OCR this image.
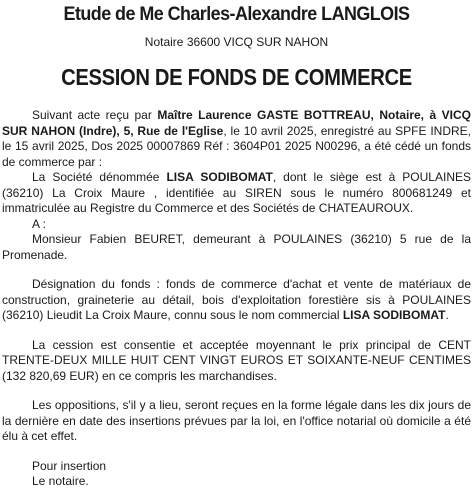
Etude de Me Charles-Alexandre LANGLOIS
Notaire 36600 VICQ SUR NAHON
CESSION DE FONDS DE COMMERCE

Suivant acte reçu par Maître Laurence GASTE BOTTREAU, Notaire, à VICQ SUR NAHON (Indre), 5, Rue de l'Eglise, le 10 avril 2025, enregistré au SPFE INDRE, le 15 avril 2025, Dos 2025 00007869 Réf : 3604P01 2025 N00296, a été cédé un fonds de commerce par :

La Société dénommée LISA SODIBOMAT, dont le siège est à POULAINES (36210) La Croix Maure , identifiée au SIREN sous le numéro 800681249 et immatriculée au Registre du Commerce et des Sociétés de CHATEAUROUX.

A :

Monsieur Fabien BEURET, demeurant à POULAINES (36210) 5 rue de la Promenade.

Désignation du fonds : fonds de commerce d'achat et vente de matériaux de construction, graineterie au détail, bois d'exploitation forestière sis à POULAINES (36210) Lieudit La Croix Maure, connu sous le nom commercial LISA SODIBOMAT.

La cession est consentie et acceptée moyennant le prix principal de CENT TRENTE-DEUX MILLE HUIT CENT VINGT EUROS ET SOIXANTE-NEUF CENTIMES (132 820,69 EUR) en ce compris les marchandises.

Les oppositions, s'il y a lieu, seront reçues en la forme légale dans les dix jours de la dernière en date des insertions prévues par la loi, en l'office notarial où domicile a été élu à cet effet.

Pour insertion

Le notaire.
